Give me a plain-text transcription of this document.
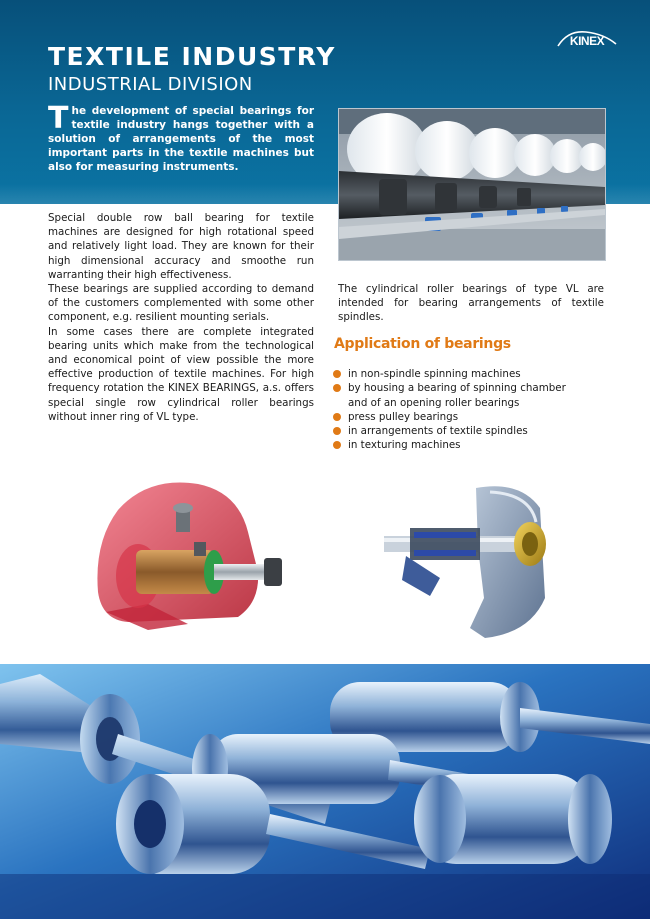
TEXTILE INDUSTRY
INDUSTRIAL DIVISION
KINEX
The development of special bearings for textile industry hangs together with a solution of arrangements of the most important parts in the textile machines but also for measuring instruments.

Special double row ball bearing for textile machines are designed for high rotational speed and relatively light load. They are known for their high dimensional accuracy and smoothe run warranting their high effectiveness.

These bearings are supplied according to demand of the customers complemented with some other component, e.g. resilient mounting serials.

In some cases there are complete integrated bearing units which make from the technological and economical point of view possible the more effective production of textile machines. For high frequency rotation the KINEX BEARINGS, a.s. offers special single row cylindrical roller bearings without inner ring of VL type.

The cylindrical roller bearings of type VL are intended for bearing arrangements of textile spindles.

Application of bearings
in non-spindle spinning machines
by housing a bearing of spinning chamber
and of an opening roller bearings
press pulley bearings
in arrangements of textile spindles
in texturing machines
